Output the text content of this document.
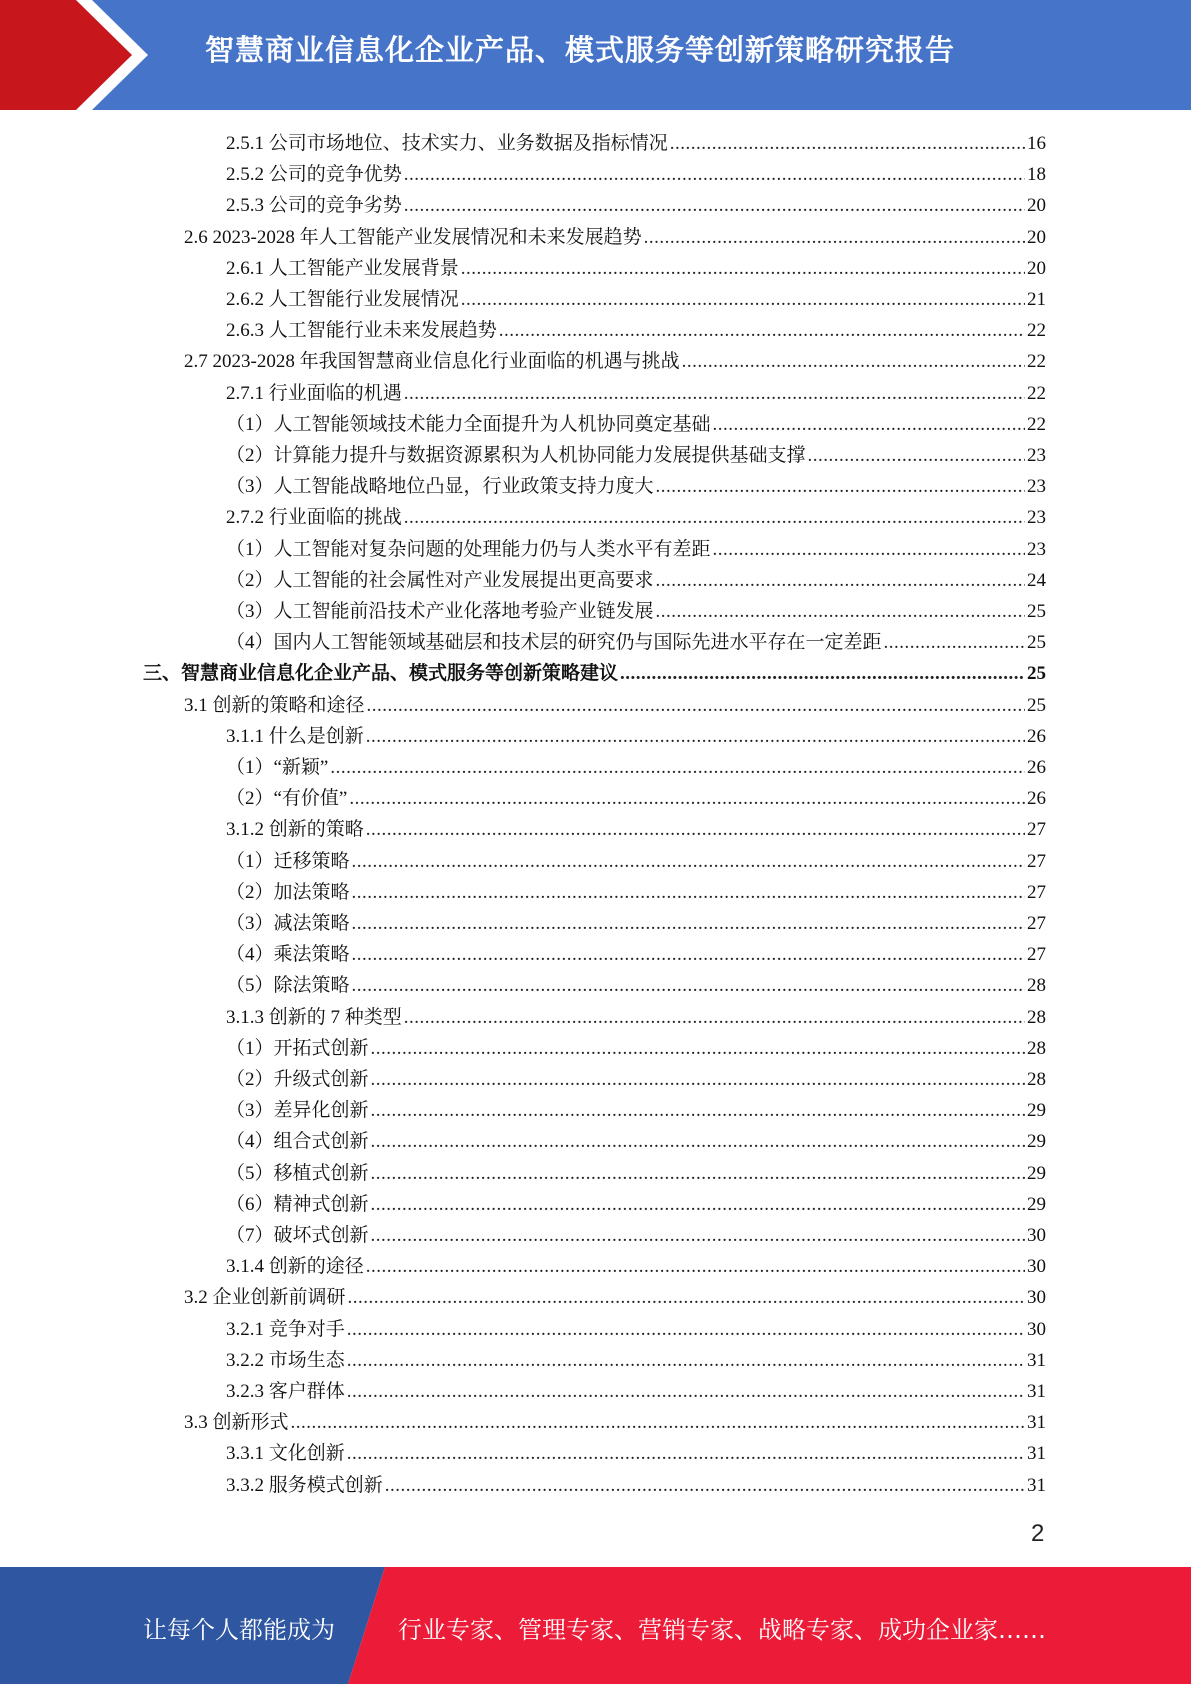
智慧商业信息化企业产品、模式服务等创新策略研究报告
2.5.1 公司市场地位、技术实力、业务数据及指标情况 .....	16
2.5.2 公司的竞争优势 .....	18
2.5.3 公司的竞争劣势 .....	20
2.6 2023-2028 年人工智能产业发展情况和未来发展趋势 .....	20
2.6.1 人工智能产业发展背景 .....	20
2.6.2 人工智能行业发展情况 .....	21
2.6.3 人工智能行业未来发展趋势 .....	22
2.7 2023-2028 年我国智慧商业信息化行业面临的机遇与挑战 .....	22
2.7.1 行业面临的机遇 .....	22
（1）人工智能领域技术能力全面提升为人机协同奠定基础 .....	22
（2）计算能力提升与数据资源累积为人机协同能力发展提供基础支撑 .....	23
（3）人工智能战略地位凸显，行业政策支持力度大 .....	23
2.7.2 行业面临的挑战 .....	23
（1）人工智能对复杂问题的处理能力仍与人类水平有差距 .....	23
（2）人工智能的社会属性对产业发展提出更高要求 .....	24
（3）人工智能前沿技术产业化落地考验产业链发展 .....	25
（4）国内人工智能领域基础层和技术层的研究仍与国际先进水平存在一定差距 .....	25
三、智慧商业信息化企业产品、模式服务等创新策略建议 .....	25
3.1 创新的策略和途径 .....	25
3.1.1 什么是创新 .....	26
（1）“新颖” .....	26
（2）“有价值” .....	26
3.1.2 创新的策略 .....	27
（1）迁移策略 .....	27
（2）加法策略 .....	27
（3）减法策略 .....	27
（4）乘法策略 .....	27
（5）除法策略 .....	28
3.1.3 创新的 7 种类型 .....	28
（1）开拓式创新 .....	28
（2）升级式创新 .....	28
（3）差异化创新 .....	29
（4）组合式创新 .....	29
（5）移植式创新 .....	29
（6）精神式创新 .....	29
（7）破坏式创新 .....	30
3.1.4 创新的途径 .....	30
3.2 企业创新前调研 .....	30
3.2.1 竞争对手 .....	30
3.2.2 市场生态 .....	31
3.2.3 客户群体 .....	31
3.3 创新形式 .....	31
3.3.1 文化创新 .....	31
3.3.2 服务模式创新 .....	31
2
让每个人都能成为	行业专家、管理专家、营销专家、战略专家、成功企业家……
